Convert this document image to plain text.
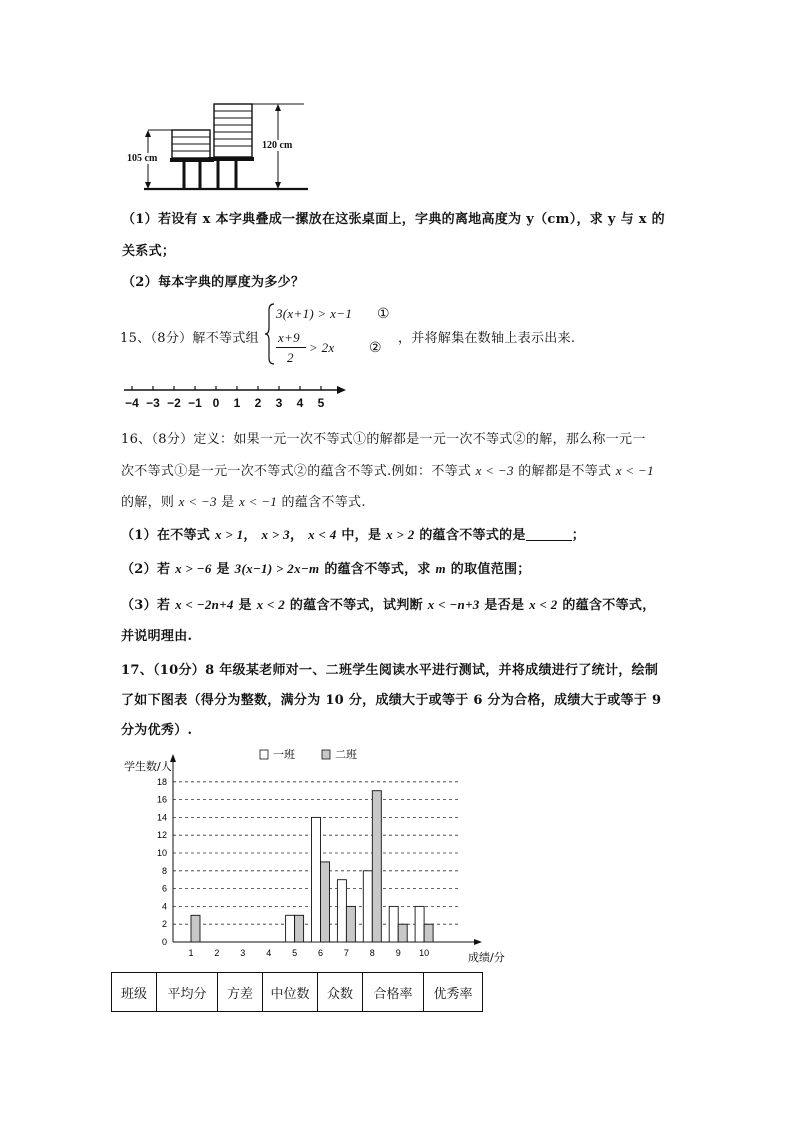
105 cm
120 cm
（1）若设有 x 本字典叠成一摞放在这张桌面上，字典的离地高度为 y（cm），求 y 与 x 的
关系式；
（2）每本字典的厚度为多少？
15、（8分）解不等式组
3(x+1) > x−1 ①
x+9
2
> 2x ②
，并将解集在数轴上表示出来.
−4 −3 −2 −1 0	1	2	3	4	5
16、（8分）定义：如果一元一次不等式①的解都是一元一次不等式②的解，那么称一元一
次不等式①是一元一次不等式②的蕴含不等式.例如：不等式 x < −3 的解都是不等式 x < −1
的解，则 x < −3 是 x < −1 的蕴含不等式.
（1）在不等式 x > 1， x > 3， x < 4 中，是 x > 2 的蕴含不等式的是	；
（2）若 x > −6 是 3(x−1) > 2x−m 的蕴含不等式，求 m 的取值范围；
（3）若 x < −2n+4 是 x < 2 的蕴含不等式，试判断 x < −n+3 是否是 x < 2 的蕴含不等式，
并说明理由.
17、（10分）8 年级某老师对一、二班学生阅读水平进行测试，并将成绩进行了统计，绘制
了如下图表（得分为整数，满分为 10 分，成绩大于或等于 6 分为合格，成绩大于或等于 9
分为优秀）.
0
2
4
6
8
10
12
14
16
18
学生数/人
成绩/分
一班	二班
1 2 3 4 5 6 7 8 9 10
班级	平均分	方差	中位数	众数	合格率	优秀率
